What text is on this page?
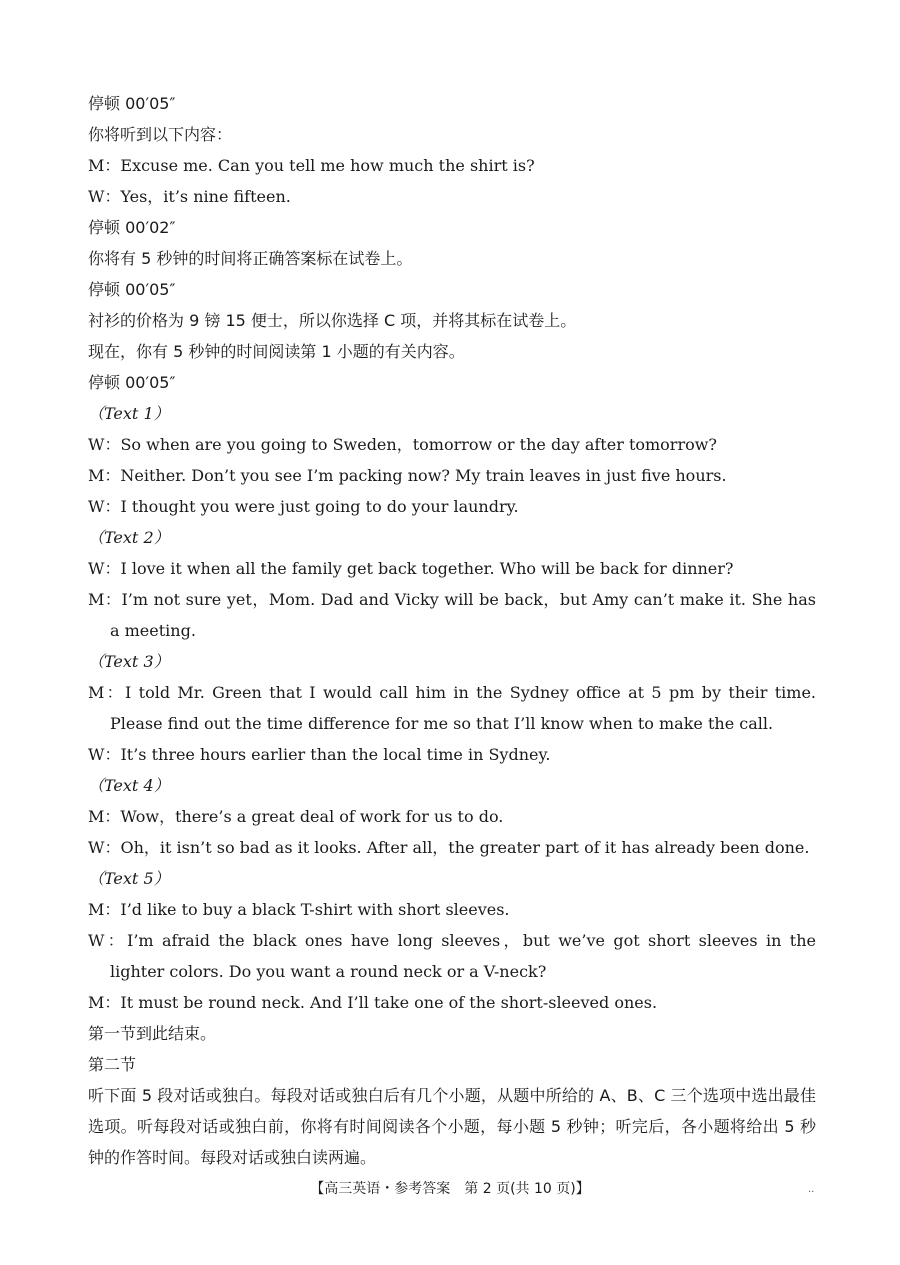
停顿 00′05″
你将听到以下内容：
M：Excuse me. Can you tell me how much the shirt is?
W：Yes，it’s nine fifteen.
停顿 00′02″
你将有 5 秒钟的时间将正确答案标在试卷上。
停顿 00′05″
衬衫的价格为 9 镑 15 便士，所以你选择 C 项，并将其标在试卷上。
现在，你有 5 秒钟的时间阅读第 1 小题的有关内容。
停顿 00′05″
（Text 1）
W：So when are you going to Sweden，tomorrow or the day after tomorrow?
M：Neither. Don’t you see I’m packing now? My train leaves in just five hours.
W：I thought you were just going to do your laundry.
（Text 2）
W：I love it when all the family get back together. Who will be back for dinner?
M：I’m not sure yet，Mom. Dad and Vicky will be back，but Amy can’t make it. She has a meeting.
（Text 3）
M：I told Mr. Green that I would call him in the Sydney office at 5 pm by their time. Please find out the time difference for me so that I’ll know when to make the call.
W：It’s three hours earlier than the local time in Sydney.
（Text 4）
M：Wow，there’s a great deal of work for us to do.
W：Oh，it isn’t so bad as it looks. After all，the greater part of it has already been done.
（Text 5）
M：I’d like to buy a black T-shirt with short sleeves.
W：I’m afraid the black ones have long sleeves，but we’ve got short sleeves in the lighter colors. Do you want a round neck or a V-neck?
M：It must be round neck. And I’ll take one of the short-sleeved ones.
第一节到此结束。
第二节
听下面 5 段对话或独白。每段对话或独白后有几个小题，从题中所给的 A、B、C 三个选项中选出最佳选项。听每段对话或独白前，你将有时间阅读各个小题，每小题 5 秒钟；听完后，各小题将给出 5 秒钟的作答时间。每段对话或独白读两遍。
【高三英语・参考答案　第 2 页(共 10 页)】	..
